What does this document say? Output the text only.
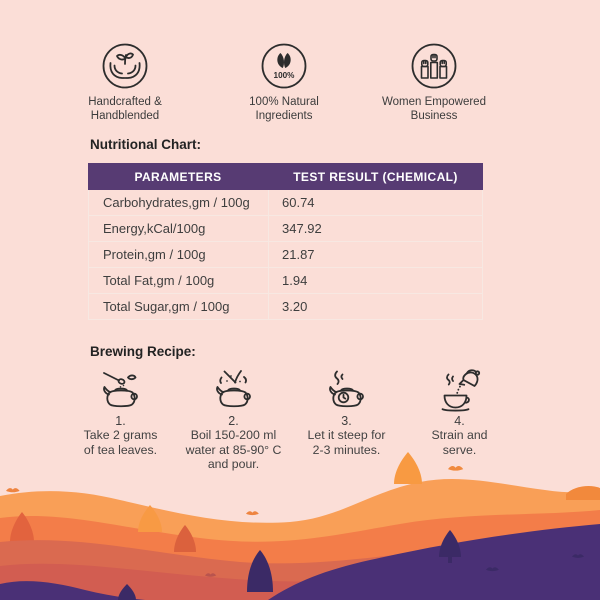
Handcrafted &
Handblended
100%
100% Natural
Ingredients
Women Empowered
Business
Nutritional Chart:
PARAMETERS	TEST RESULT (CHEMICAL)
Carbohydrates,gm / 100g	60.74
Energy,kCal/100g	347.92
Protein,gm / 100g	21.87
Total Fat,gm / 100g	1.94
Total Sugar,gm / 100g	3.20
Brewing Recipe:
1.
Take 2 grams
of tea leaves.
2.
Boil 150-200 ml
water at 85-90° C
and pour.
3.
Let it steep for
2-3 minutes.
4.
Strain and
serve.
